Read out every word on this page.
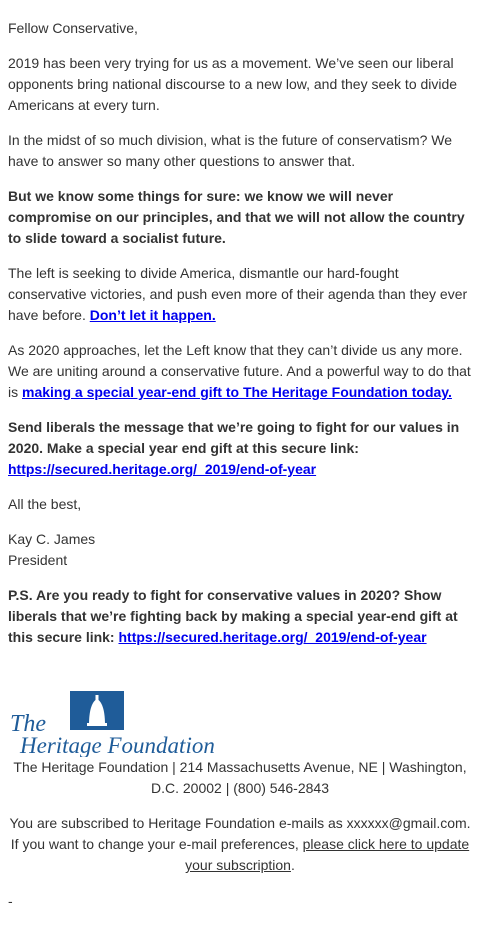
Fellow Conservative,

2019 has been very trying for us as a movement. We’ve seen our liberal opponents bring national discourse to a new low, and they seek to divide Americans at every turn.

In the midst of so much division, what is the future of conservatism? We have to answer so many other questions to answer that.

But we know some things for sure: we know we will never compromise on our principles, and that we will not allow the country to slide toward a socialist future.

The left is seeking to divide America, dismantle our hard-fought conservative victories, and push even more of their agenda than they ever have before. Don’t let it happen.

As 2020 approaches, let the Left know that they can’t divide us any more. We are uniting around a conservative future. And a powerful way to do that is making a special year-end gift to The Heritage Foundation today.

Send liberals the message that we’re going to fight for our values in 2020. Make a special year end gift at this secure link:
https://secured.heritage.org/_2019/end-of-year

All the best,

Kay C. James
President

P.S. Are you ready to fight for conservative values in 2020? Show liberals that we’re fighting back by making a special year-end gift at this secure link: https://secured.heritage.org/_2019/end-of-year

The
Heritage Foundation

The Heritage Foundation | 214 Massachusetts Avenue, NE | Washington, D.C. 20002 | (800) 546-2843

You are subscribed to Heritage Foundation e-mails as xxxxxx@gmail.com. If you want to change your e-mail preferences, please click here to update your subscription.

-
